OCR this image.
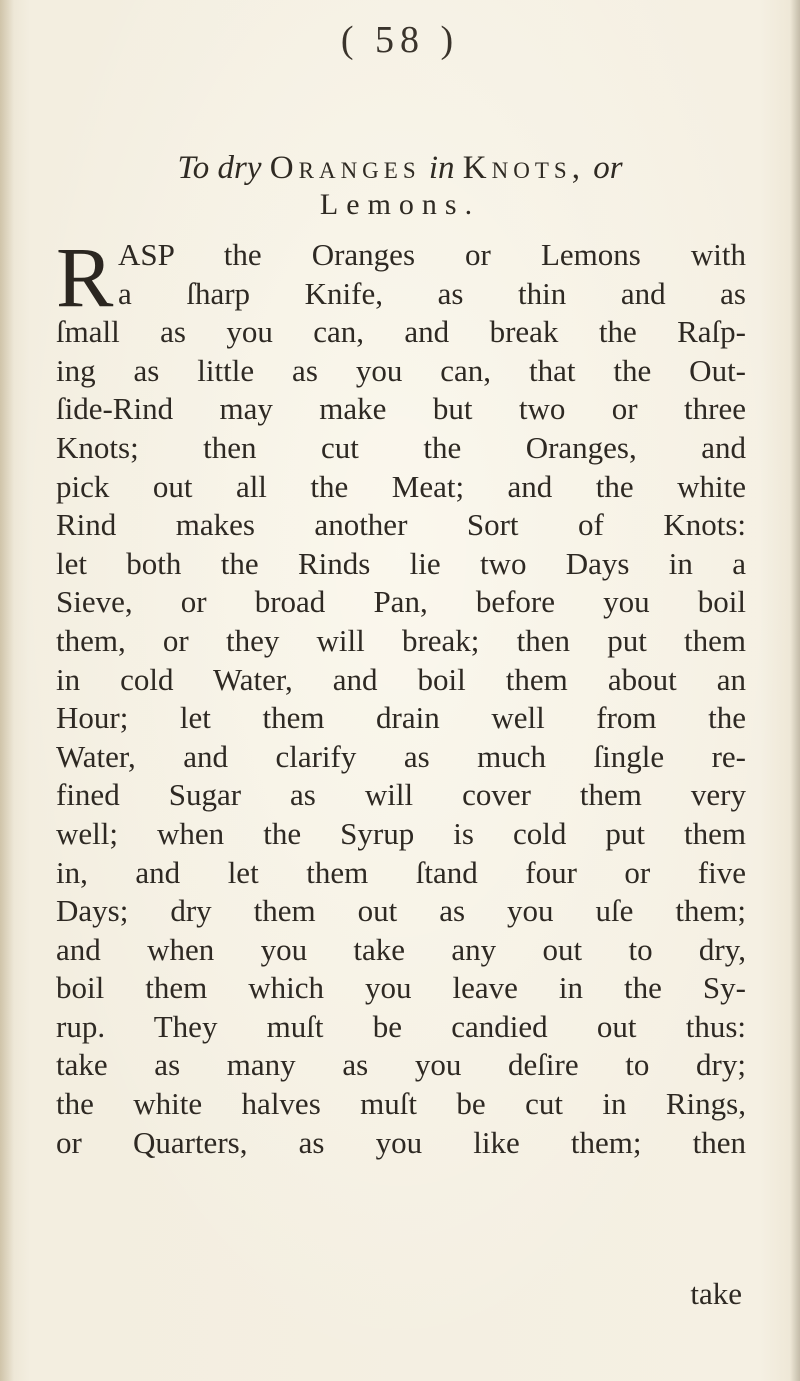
( 58 )
To dry Oranges in Knots, or
Lemons.
R ASP the Oranges or Lemons with
a ſharp Knife, as thin and as
ſmall as you can, and break the Raſp-
ing as little as you can, that the Out-
ſide-Rind may make but two or three
Knots; then cut the Oranges, and
pick out all the Meat; and the white
Rind makes another Sort of Knots:
let both the Rinds lie two Days in a
Sieve, or broad Pan, before you boil
them, or they will break; then put them
in cold Water, and boil them about an
Hour; let them drain well from the
Water, and clarify as much ſingle re-
fined Sugar as will cover them very
well; when the Syrup is cold put them
in, and let them ſtand four or five
Days; dry them out as you uſe them;
and when you take any out to dry,
boil them which you leave in the Sy-
rup. They muſt be candied out thus:
take as many as you deſire to dry;
the white halves muſt be cut in Rings,
or Quarters, as you like them; then
take
